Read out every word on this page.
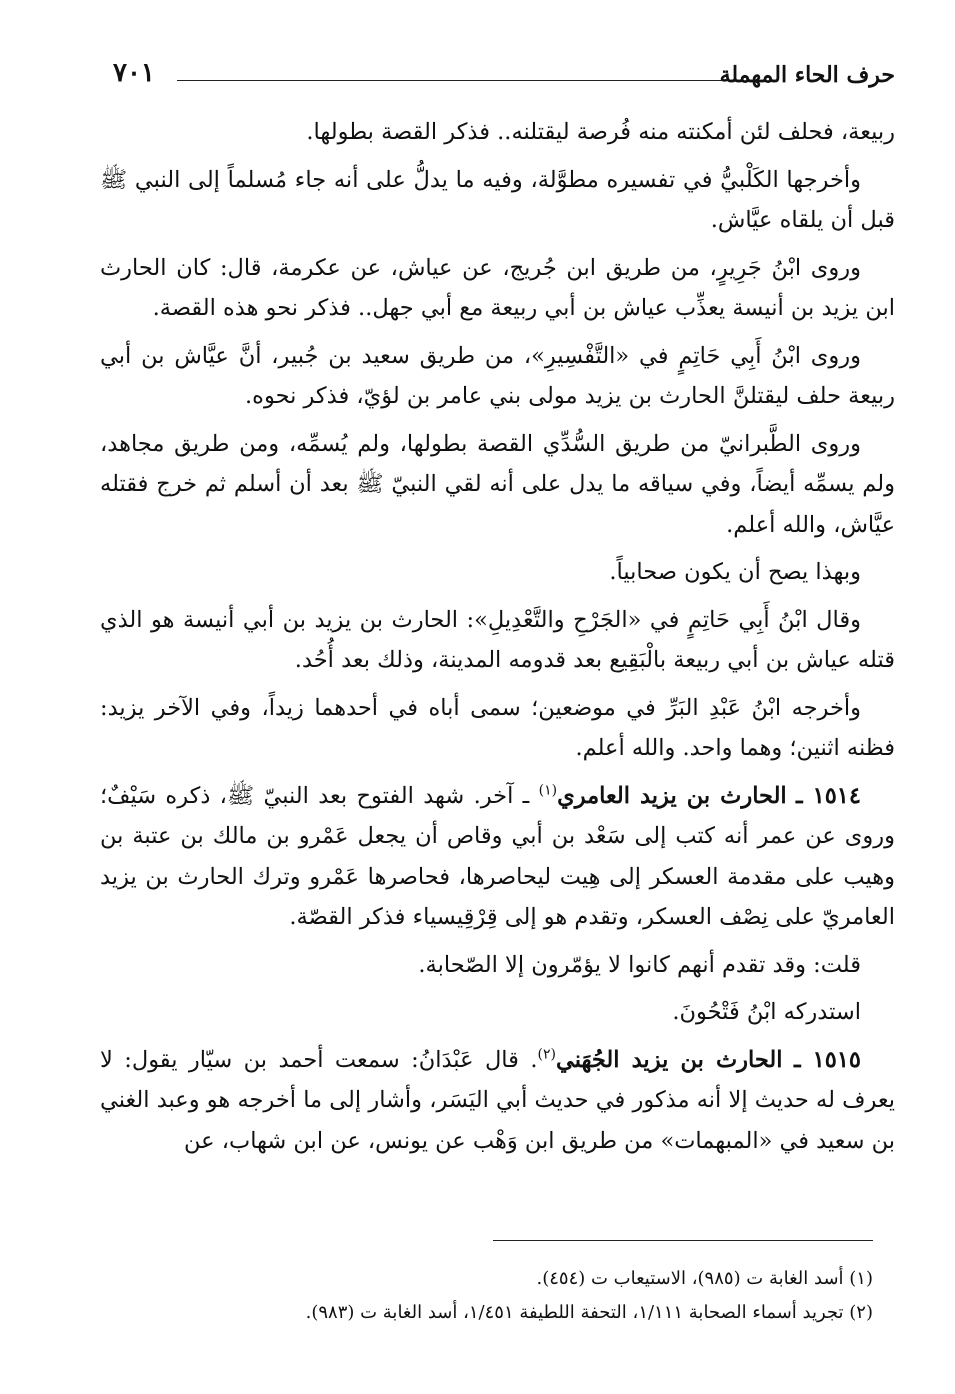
٧٠١	حرف الحاء المهملة

ربيعة، فحلف لئن أمكنته منه فُرصة ليقتلنه.. فذكر القصة بطولها.

وأخرجها الكَلْبيُّ في تفسيره مطوَّلة، وفيه ما يدلُّ على أنه جاء مُسلماً إلى النبي ﷺ قبل أن يلقاه عيَّاش.

وروى ابْنُ جَرِيرٍ، من طريق ابن جُريج، عن عياش، عن عكرمة، قال: كان الحارث ابن يزيد بن أنيسة يعذِّب عياش بن أبي ربيعة مع أبي جهل.. فذكر نحو هذه القصة.

وروى ابْنُ أَبِي حَاتِمٍ في «التَّفْسِيرِ»، من طريق سعيد بن جُبير، أنَّ عيَّاش بن أبي ربيعة حلف ليقتلنَّ الحارث بن يزيد مولى بني عامر بن لؤيّ، فذكر نحوه.

وروى الطَّبرانيّ من طريق السُّدِّي القصة بطولها، ولم يُسمِّه، ومن طريق مجاهد، ولم يسمِّه أيضاً، وفي سياقه ما يدل على أنه لقي النبيّ ﷺ بعد أن أسلم ثم خرج فقتله عيَّاش، والله أعلم.

وبهذا يصح أن يكون صحابياً.

وقال ابْنُ أَبِي حَاتِمٍ في «الجَرْحِ والتَّعْدِيلِ»: الحارث بن يزيد بن أبي أنيسة هو الذي قتله عياش بن أبي ربيعة بالْبَقِيع بعد قدومه المدينة، وذلك بعد أُحُد.

وأخرجه ابْنُ عَبْدِ البَرِّ في موضعين؛ سمى أباه في أحدهما زيداً، وفي الآخر يزيد: فظنه اثنين؛ وهما واحد. والله أعلم.

١٥١٤ ـ الحارث بن يزيد العامري$^{(١)}$ ـ آخر. شهد الفتوح بعد النبيّ ﷺ، ذكره سَيْفٌ؛ وروى عن عمر أنه كتب إلى سَعْد بن أبي وقاص أن يجعل عَمْرو بن مالك بن عتبة بن وهيب على مقدمة العسكر إلى هِيت ليحاصرها، فحاصرها عَمْرو وترك الحارث بن يزيد العامريّ على نِصْف العسكر، وتقدم هو إلى قِرْقِيسياء فذكر القصّة.

قلت: وقد تقدم أنهم كانوا لا يؤمّرون إلا الصّحابة.

استدركه ابْنُ فَتْحُونَ.

١٥١٥ ـ الحارث بن يزيد الجُهَني$^{(٢)}$. قال عَبْدَانُ: سمعت أحمد بن سيّار يقول: لا يعرف له حديث إلا أنه مذكور في حديث أبي اليَسَر، وأشار إلى ما أخرجه هو وعبد الغني بن سعيد في «المبهمات» من طريق ابن وَهْب عن يونس، عن ابن شهاب، عن

(١) أسد الغابة ت (٩٨٥)، الاستيعاب ت (٤٥٤).
(٢) تجريد أسماء الصحابة ١/١١١، التحفة اللطيفة ١/٤٥١، أسد الغابة ت (٩٨٣).
